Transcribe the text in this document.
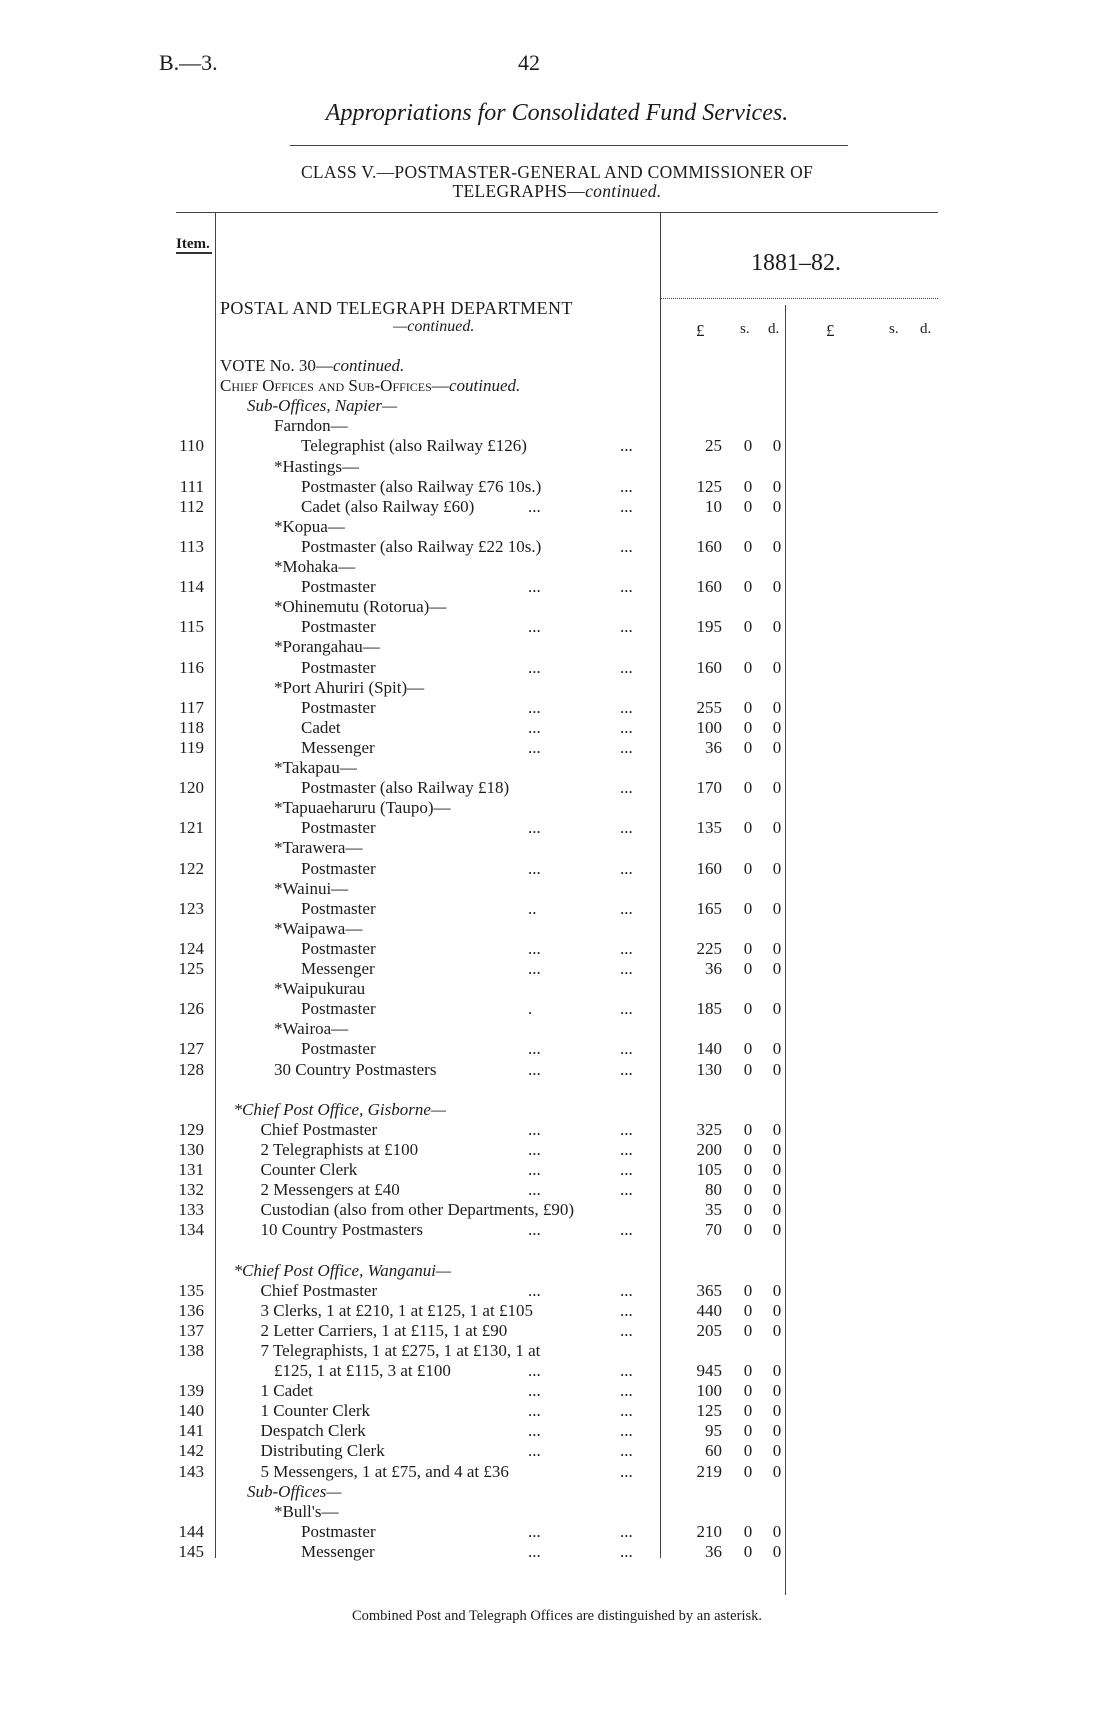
B.—3.	42
Appropriations for Consolidated Fund Services.
CLASS V.—POSTMASTER-GENERAL AND COMMISSIONER OF
TELEGRAPHS—continued.
Item.
1881–82.
POSTAL AND TELEGRAPH DEPARTMENT
—continued.	£ s. d.	£	s. d.
VOTE No. 30— continued.
Chief Offices and Sub-Offices— coutinued.
Sub-Offices, Napier—
Farndon—
110	Telegraphist (also Railway £126)	...	25 0 0
*Hastings—
111	Postmaster (also Railway £76 10s.)	...	125 0 0
112	Cadet (also Railway £60)	...	...	10 0 0
*Kopua—
113	Postmaster (also Railway £22 10s.)	...	160 0 0
*Mohaka—
114	Postmaster	...	...	160 0 0
*Ohinemutu (Rotorua)—
115	Postmaster	...	...	195 0 0
*Porangahau—
116	Postmaster	...	...	160 0 0
*Port Ahuriri (Spit)—
117	Postmaster	...	...	255 0 0
118	Cadet	...	...	100 0 0
119	Messenger	...	...	36 0 0
*Takapau—
120	Postmaster (also Railway £18)	...	170 0 0
*Tapuaeharuru (Taupo)—
121	Postmaster	...	...	135 0 0
*Tarawera—
122	Postmaster	...	...	160 0 0
*Wainui—
123	Postmaster	..	...	165 0 0
*Waipawa—
124	Postmaster	...	...	225 0 0
125	Messenger	...	...	36 0 0
*Waipukurau
126	Postmaster	.	...	185 0 0
*Wairoa—
127	Postmaster	...	...	140 0 0
128	30 Country Postmasters	...	...	130 0 0
*Chief Post Office, Gisborne—
129	Chief Postmaster	...	...	325 0 0
130	2 Telegraphists at £100	...	...	200 0 0
131	Counter Clerk	...	...	105 0 0
132	2 Messengers at £40	...	...	80 0 0
133	Custodian (also from other Departments, £90)	35 0 0
134	10 Country Postmasters	...	...	70 0 0
*Chief Post Office, Wanganui—
135	Chief Postmaster	...	...	365 0 0
136	3 Clerks, 1 at £210, 1 at £125, 1 at £105	...	440 0 0
137	2 Letter Carriers, 1 at £115, 1 at £90	...	205 0 0
138	7 Telegraphists, 1 at £275, 1 at £130, 1 at
£125, 1 at £115, 3 at £100	...	...	945 0 0
139	1 Cadet	...	...	100 0 0
140	1 Counter Clerk	...	...	125 0 0
141	Despatch Clerk	...	...	95 0 0
142	Distributing Clerk	...	...	60 0 0
143	5 Messengers, 1 at £75, and 4 at £36	...	219 0 0
Sub-Offices—
*Bull's—
144	Postmaster	...	...	210 0 0
145	Messenger	...	...	36 0 0
Combined Post and Telegraph Offices are distinguished by an asterisk.
